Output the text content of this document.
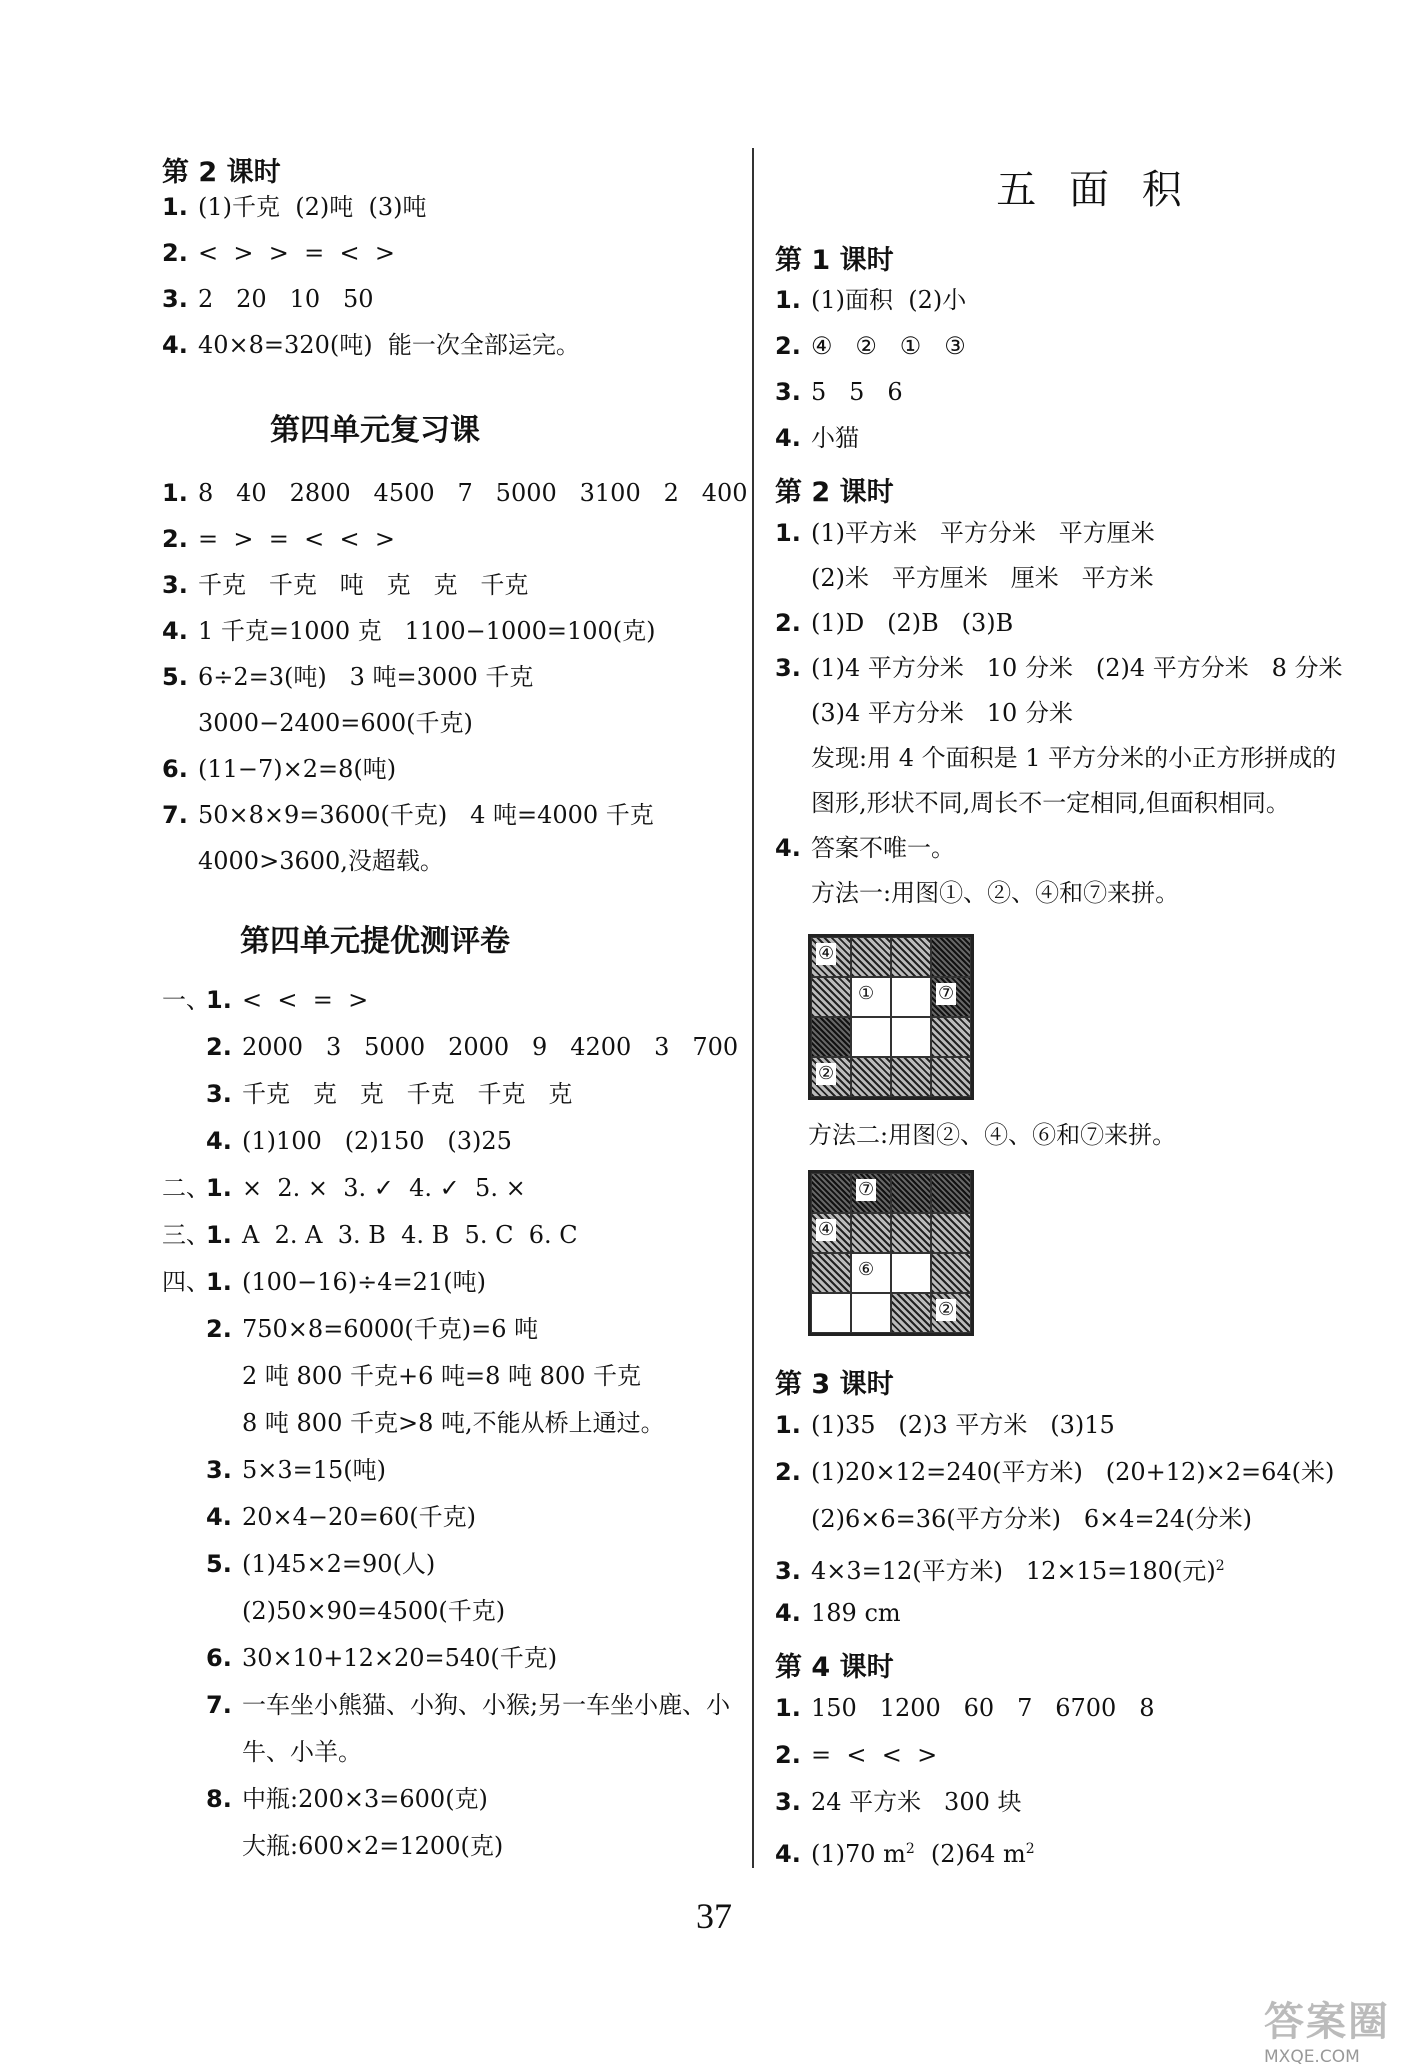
第 2 课时
1. (1)千克  (2)吨  (3)吨
2. <  >  >  =  <  >
3. 2   20   10   50
4. 40×8=320(吨)  能一次全部运完。
第四单元复习课
1. 8   40   2800   4500   7   5000   3100   2   400
2. =  >  =  <  <  >
3. 千克   千克   吨   克   克   千克
4. 1 千克=1000 克   1100−1000=100(克)
5. 6÷2=3(吨)   3 吨=3000 千克
3000−2400=600(千克)
6. (11−7)×2=8(吨)
7. 50×8×9=3600(千克)   4 吨=4000 千克
4000>3600,没超载。
第四单元提优测评卷
一、1. <  <  =  >
2. 2000   3   5000   2000   9   4200   3   700
3. 千克   克   克   千克   千克   克
4. (1)100   (2)150   (3)25
二、1. ×  2. ×  3. ✓  4. ✓  5. ×
三、1. A  2. A  3. B  4. B  5. C  6. C
四、1. (100−16)÷4=21(吨)
2. 750×8=6000(千克)=6 吨
2 吨 800 千克+6 吨=8 吨 800 千克
8 吨 800 千克>8 吨,不能从桥上通过。
3. 5×3=15(吨)
4. 20×4−20=60(千克)
5. (1)45×2=90(人)
(2)50×90=4500(千克)
6. 30×10+12×20=540(千克)
7. 一车坐小熊猫、小狗、小猴;另一车坐小鹿、小
牛、小羊。
8. 中瓶:200×3=600(克)
大瓶:600×2=1200(克)
五 面 积
第 1 课时
1. (1)面积  (2)小
2. ④   ②   ①   ③
3. 5   5   6
4. 小猫
第 2 课时
1. (1)平方米   平方分米   平方厘米
(2)米   平方厘米   厘米   平方米
2. (1)D   (2)B   (3)B
3. (1)4 平方分米   10 分米   (2)4 平方分米   8 分米
(3)4 平方分米   10 分米
发现:用 4 个面积是 1 平方分米的小正方形拼成的
图形,形状不同,周长不一定相同,但面积相同。
4. 答案不唯一。
方法一:用图①、②、④和⑦来拼。
④
①	⑦
②
方法二:用图②、④、⑥和⑦来拼。
⑦
④
⑥
②
第 3 课时
1. (1)35   (2)3 平方米   (3)15
2. (1)20×12=240(平方米)   (20+12)×2=64(米)
(2)6×6=36(平方分米)   6×4=24(分米)
3. 4×3=12(平方米)   12×15=180(元)$^2$
4. 189 cm
第 4 课时
1. 150   1200   60   7   6700   8
2. =  <  <  >
3. 24 平方米   300 块
4. (1)70 $m^2$ (2)64 $m^2$
37
答案圈
MXQE.COM
